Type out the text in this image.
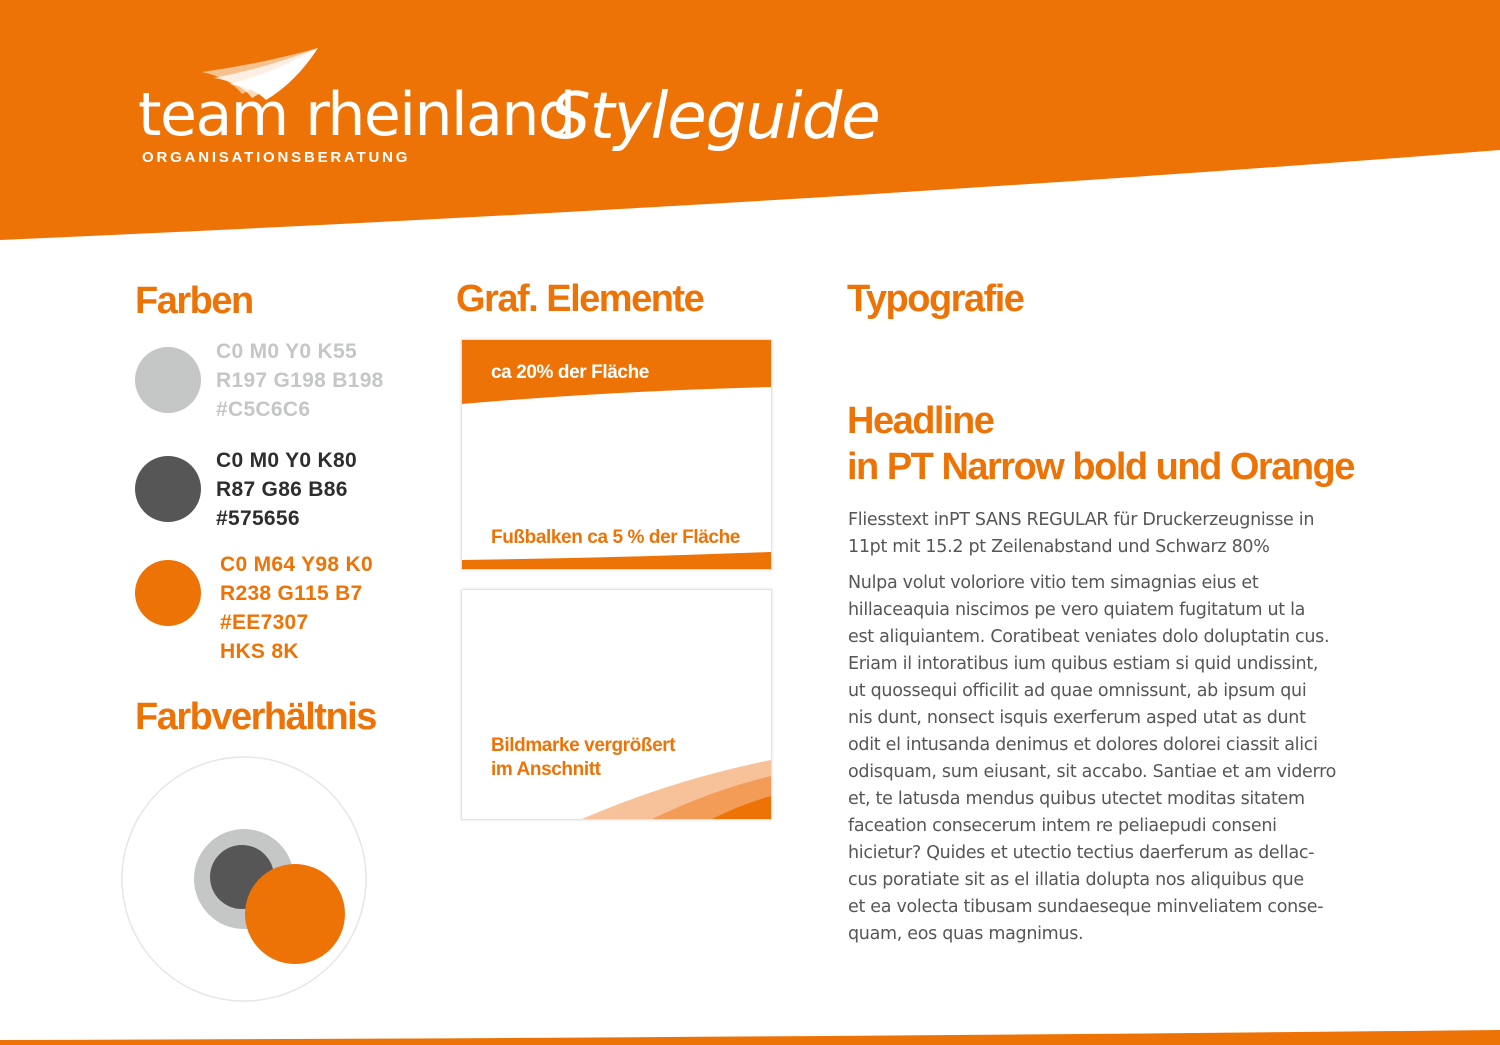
team rheinland
ORGANISATIONSBERATUNG
Styleguide
Farben
C0 M0 Y0 K55
R197 G198 B198
#C5C6C6
C0 M0 Y0 K80
R87 G86 B86
#575656
C0 M64 Y98 K0
R238 G115 B7
#EE7307
HKS 8K
Farbverhältnis
Graf. Elemente
ca 20% der Fläche
Fußbalken ca 5 % der Fläche
Bildmarke vergrößert
im Anschnitt
Typografie
Headline
in PT Narrow bold und Orange
Fliesstext inPT SANS REGULAR für Druckerzeugnisse in
11pt mit 15.2 pt Zeilenabstand und Schwarz 80%
Nulpa volut voloriore vitio tem simagnias eius et
hillaceaquia niscimos pe vero quiatem fugitatum ut la
est aliquiantem. Coratibeat veniates dolo doluptatin cus.
Eriam il intoratibus ium quibus estiam si quid undissint,
ut quossequi officilit ad quae omnissunt, ab ipsum qui
nis dunt, nonsect isquis exerferum asped utat as dunt
odit el intusanda denimus et dolores dolorei ciassit alici
odisquam, sum eiusant, sit accabo. Santiae et am viderro
et, te latusda mendus quibus utectet moditas sitatem
faceation consecerum intem re peliaepudi conseni
hicietur? Quides et utectio tectius daerferum as dellac-
cus poratiate sit as el illatia dolupta nos aliquibus que
et ea volecta tibusam sundaeseque minveliatem conse-
quam, eos quas magnimus.
